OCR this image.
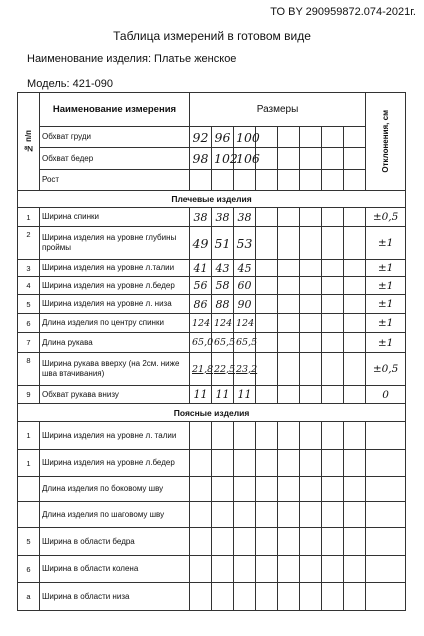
ТО BY 290959872.074-2021г.
Таблица измерений в готовом виде
Наименование изделия: Платье женское
Модель: 421-090
№ п/п	Наименование измерения	Размеры								Отклонения, см

	Обхват груди	92	96	100						
	Обхват бедер	98	102	106						
	Рост									
Плечевые изделия										
1	Ширина спинки	38	38	38						±0,5
2	Ширина изделия на уровне глубины проймы	49	51	53						±1
3	Ширина изделия на уровне л.талии	41	43	45						±1
4	Ширина изделия на уровне л.бедер	56	58	60						±1
5	Ширина изделия на уровне л. низа	86	88	90						±1
6	Длина изделия по центру спинки	124	124	124						±1
7	Длина рукава	65,0	65,5	65,5						±1
8	Ширина рукава вверху (на 2см. ниже шва втачивания)	21,8	22,5	23,2						±0,5
9	Обхват рукава внизу	11	11	11						0
Поясные изделия										
1	Ширина изделия на уровне л. талии									
1	Ширина изделия на уровне л.бедер									
	Длина изделия по боковому шву									
	Длина изделия по шаговому шву									
5	Ширина в области бедра									
6	Ширина в области колена									
а	Ширина в области низа									
